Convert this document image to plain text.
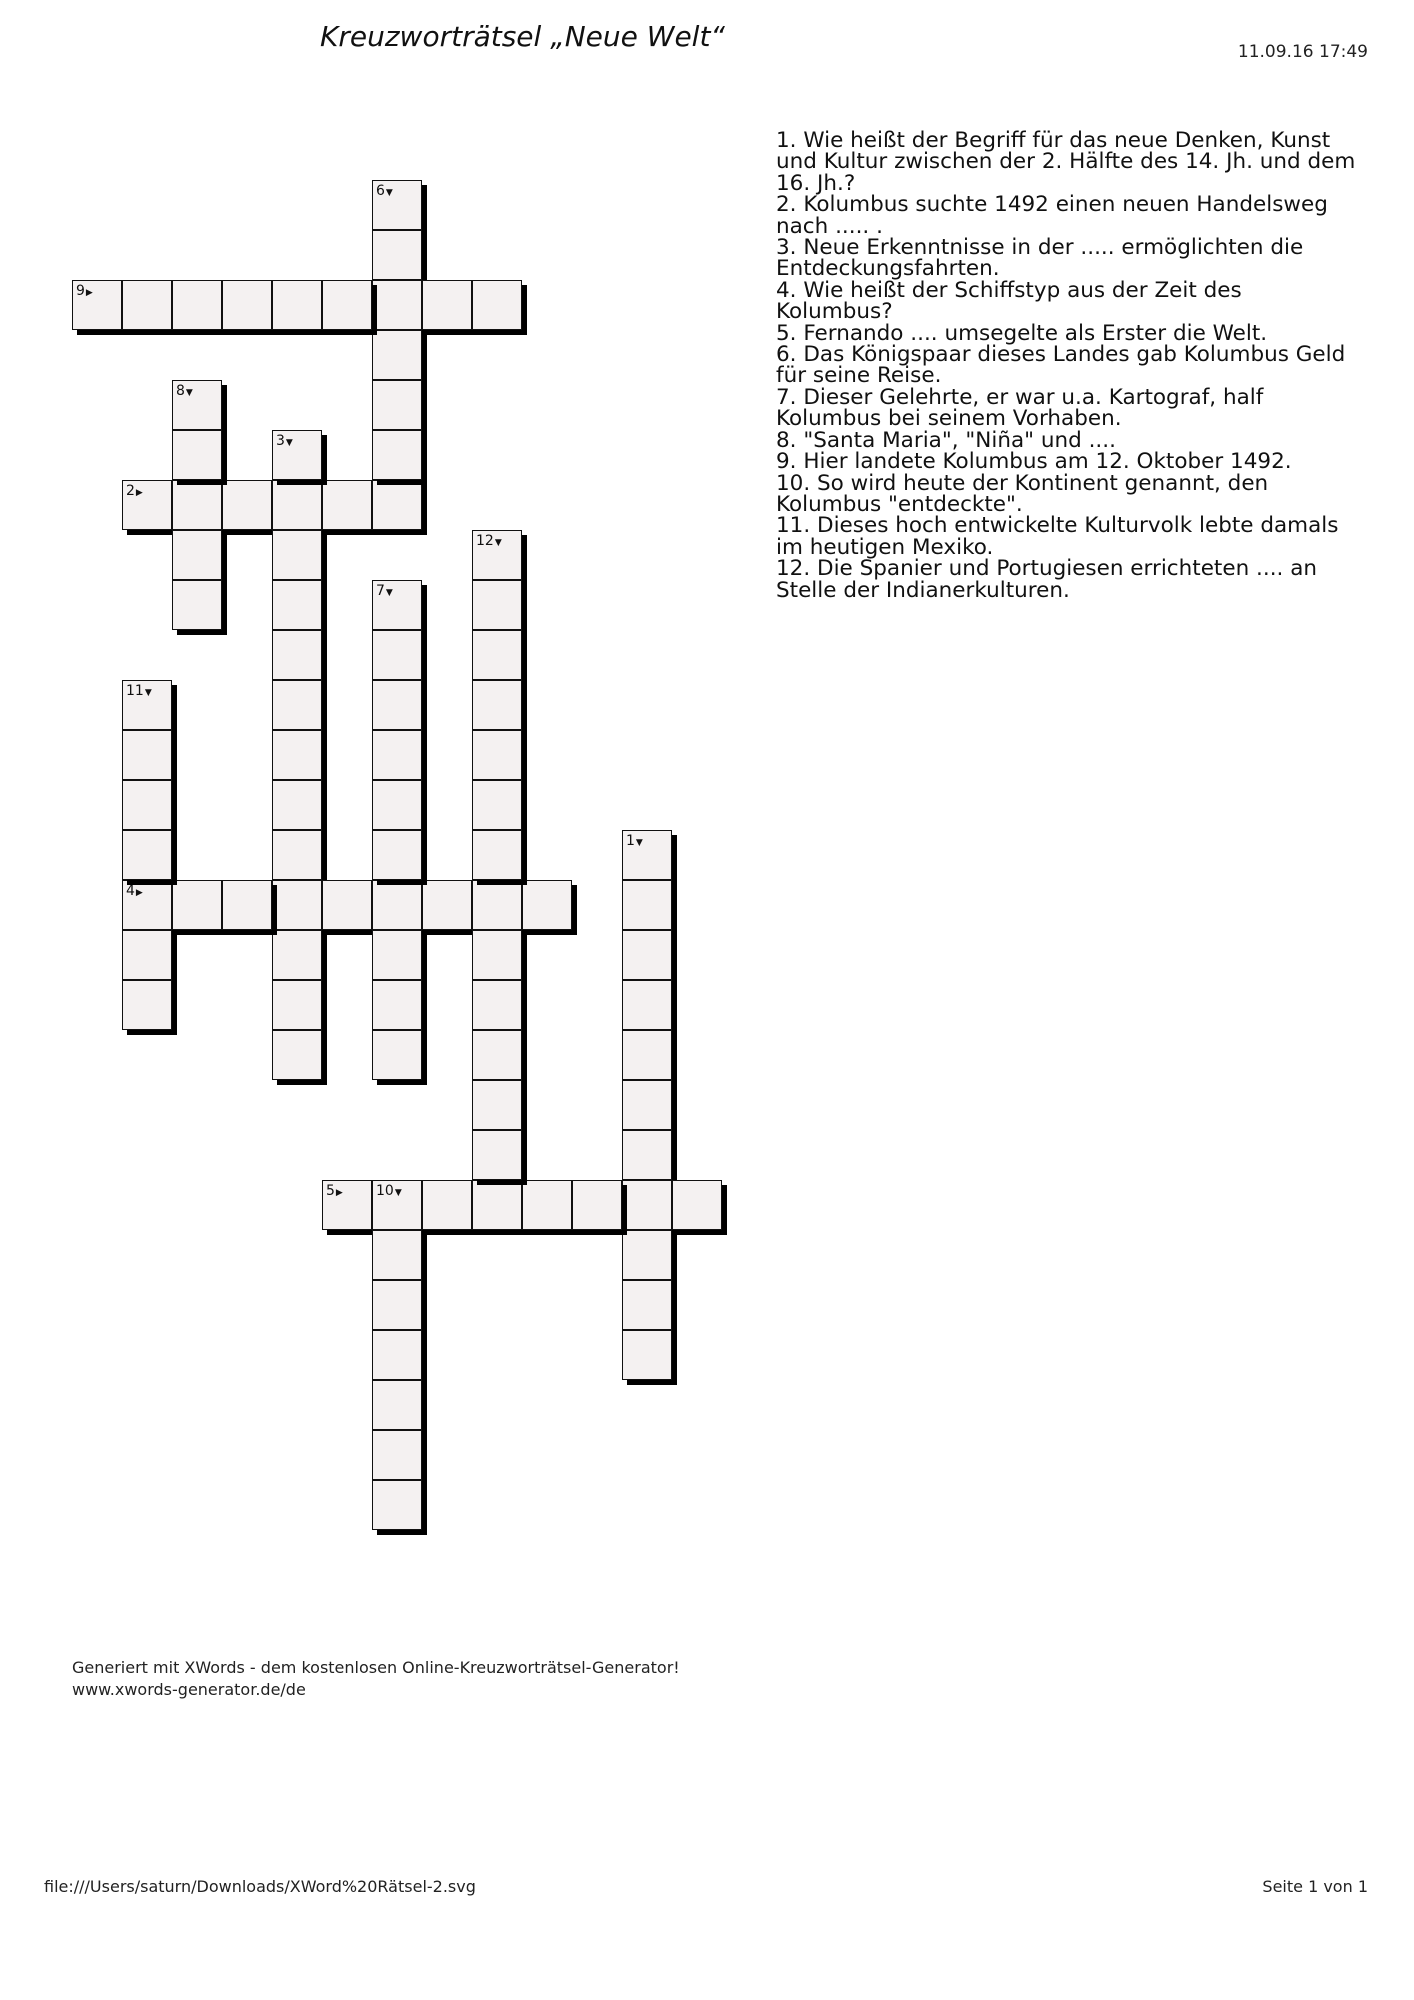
Kreuzworträtsel „Neue Welt“	11.09.16 17:49
1▼
2▶
3▼
4▶
5▶ 10▼
6▼
7▼
8▼
9▶
11▼
12▼

1. Wie heißt der Begriff für das neue Denken, Kunst und Kultur zwischen der 2. Hälfte des 14. Jh. und dem 16. Jh.?

2. Kolumbus suchte 1492 einen neuen Handelsweg nach ..... .

3. Neue Erkenntnisse in der ..... ermöglichten die Entdeckungsfahrten.

4. Wie heißt der Schiffstyp aus der Zeit des Kolumbus?

5. Fernando .... umsegelte als Erster die Welt.

6. Das Königspaar dieses Landes gab Kolumbus Geld für seine Reise.

7. Dieser Gelehrte, er war u.a. Kartograf, half Kolumbus bei seinem Vorhaben.

8. "Santa Maria", "Niña" und ....

9. Hier landete Kolumbus am 12. Oktober 1492.

10. So wird heute der Kontinent genannt, den Kolumbus "entdeckte".

11. Dieses hoch entwickelte Kulturvolk lebte damals im heutigen Mexiko.

12. Die Spanier und Portugiesen errichteten .... an Stelle der Indianerkulturen.

Generiert mit XWords - dem kostenlosen Online-Kreuzworträtsel-Generator!
www.xwords-generator.de/de
file:///Users/saturn/Downloads/XWord%20Rätsel-2.svg	Seite 1 von 1
